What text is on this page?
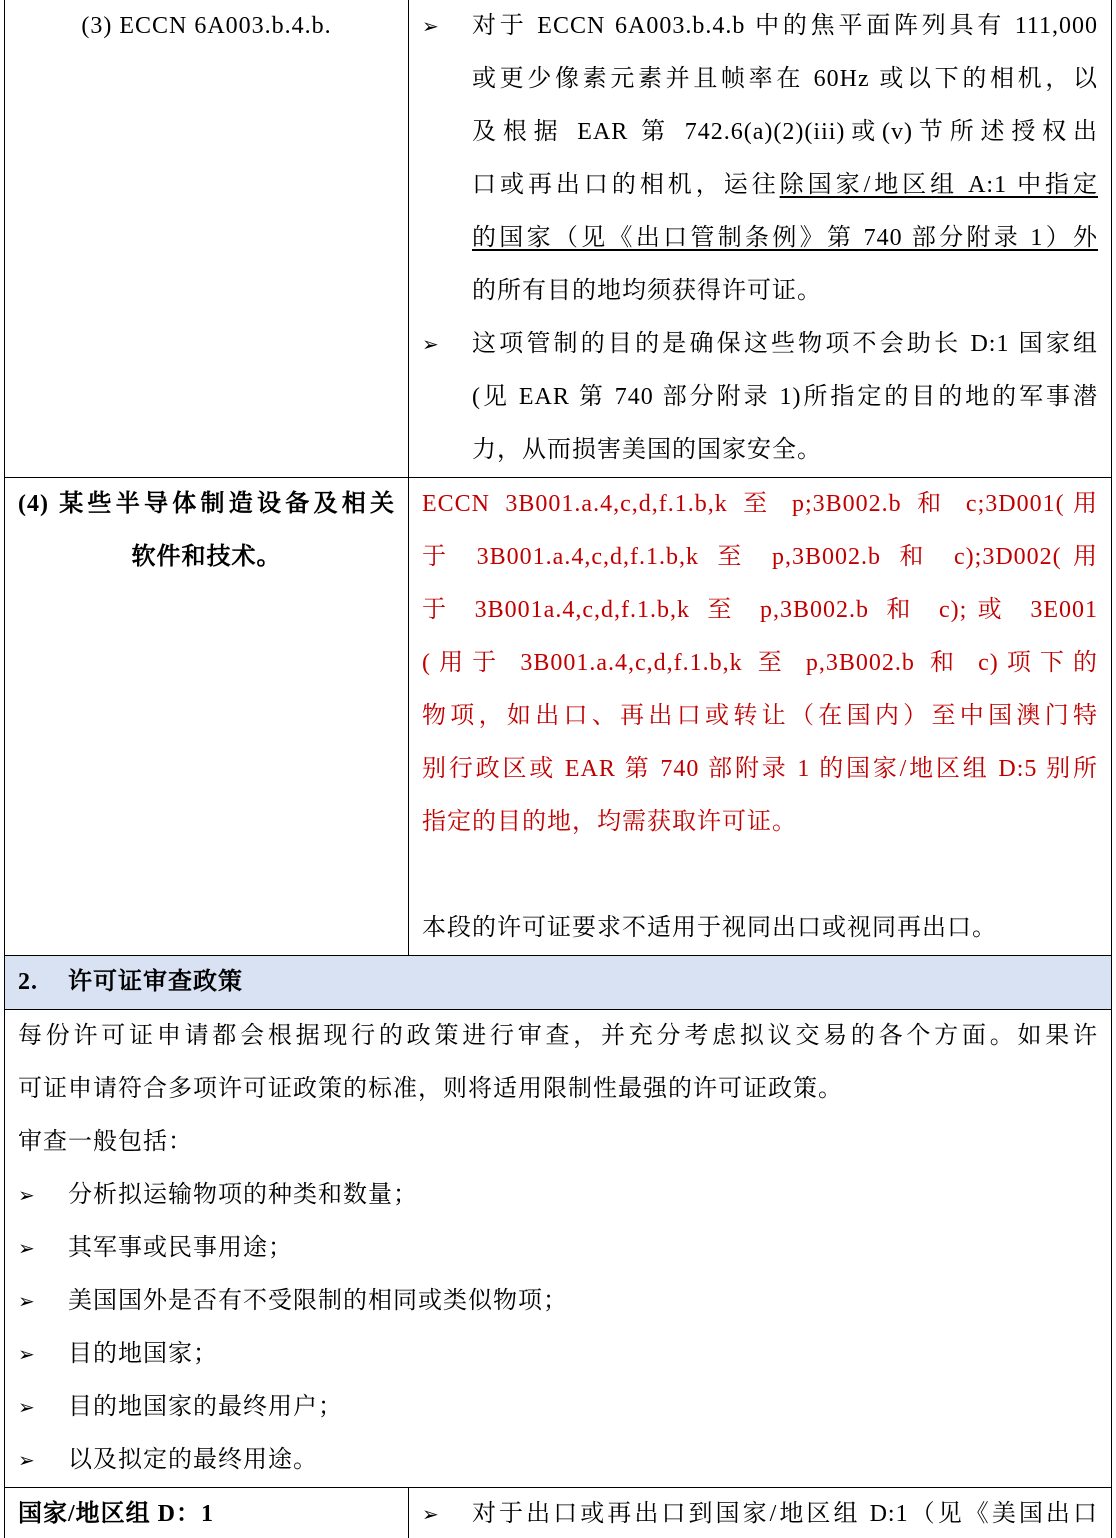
(3) ECCN 6A003.b.4.b.	➢ 对于 ECCN 6A003.b.4.b 中的焦平面阵列具有 111,000
或更少像素元素并且帧率在 60Hz 或以下的相机，以
及根据 EAR 第 742.6(a)(2)(iii)或(v)节所述授权出
口或再出口的相机，运往除国家/地区组 A:1 中指定
的国家（见《出口管制条例》第 740 部分附录 1）外
的所有目的地均须获得许可证。
➢ 这项管制的目的是确保这些物项不会助长 D:1 国家组
(见 EAR 第 740 部分附录 1)所指定的目的地的军事潜
力，从而损害美国的国家安全。
(4) 某些半导体制造设备及相关
软件和技术。
ECCN 3B001.a.4,c,d,f.1.b,k 至 p;3B002.b 和 c;3D001(用
于 3B001.a.4,c,d,f.1.b,k 至 p,3B002.b 和 c);3D002(用
于 3B001a.4,c,d,f.1.b,k 至 p,3B002.b 和 c);或 3E001
(用于 3B001.a.4,c,d,f.1.b,k 至 p,3B002.b 和 c)项下的
物项，如出口、再出口或转让（在国内）至中国澳门特
别行政区或 EAR 第 740 部附录 1 的国家/地区组 D:5 别所
指定的目的地，均需获取许可证。
本段的许可证要求不适用于视同出口或视同再出口。
2. 许可证审查政策
每份许可证申请都会根据现行的政策进行审查，并充分考虑拟议交易的各个方面。如果许
可证申请符合多项许可证政策的标准，则将适用限制性最强的许可证政策。
审查一般包括：
➢ 分析拟运输物项的种类和数量；
➢ 其军事或民事用途；
➢ 美国国外是否有不受限制的相同或类似物项；
➢ 目的地国家；
➢ 目的地国家的最终用户；
➢ 以及拟定的最终用途。
国家/地区组 D：1	➢ 对于出口或再出口到国家/地区组 D:1（见《美国出口
